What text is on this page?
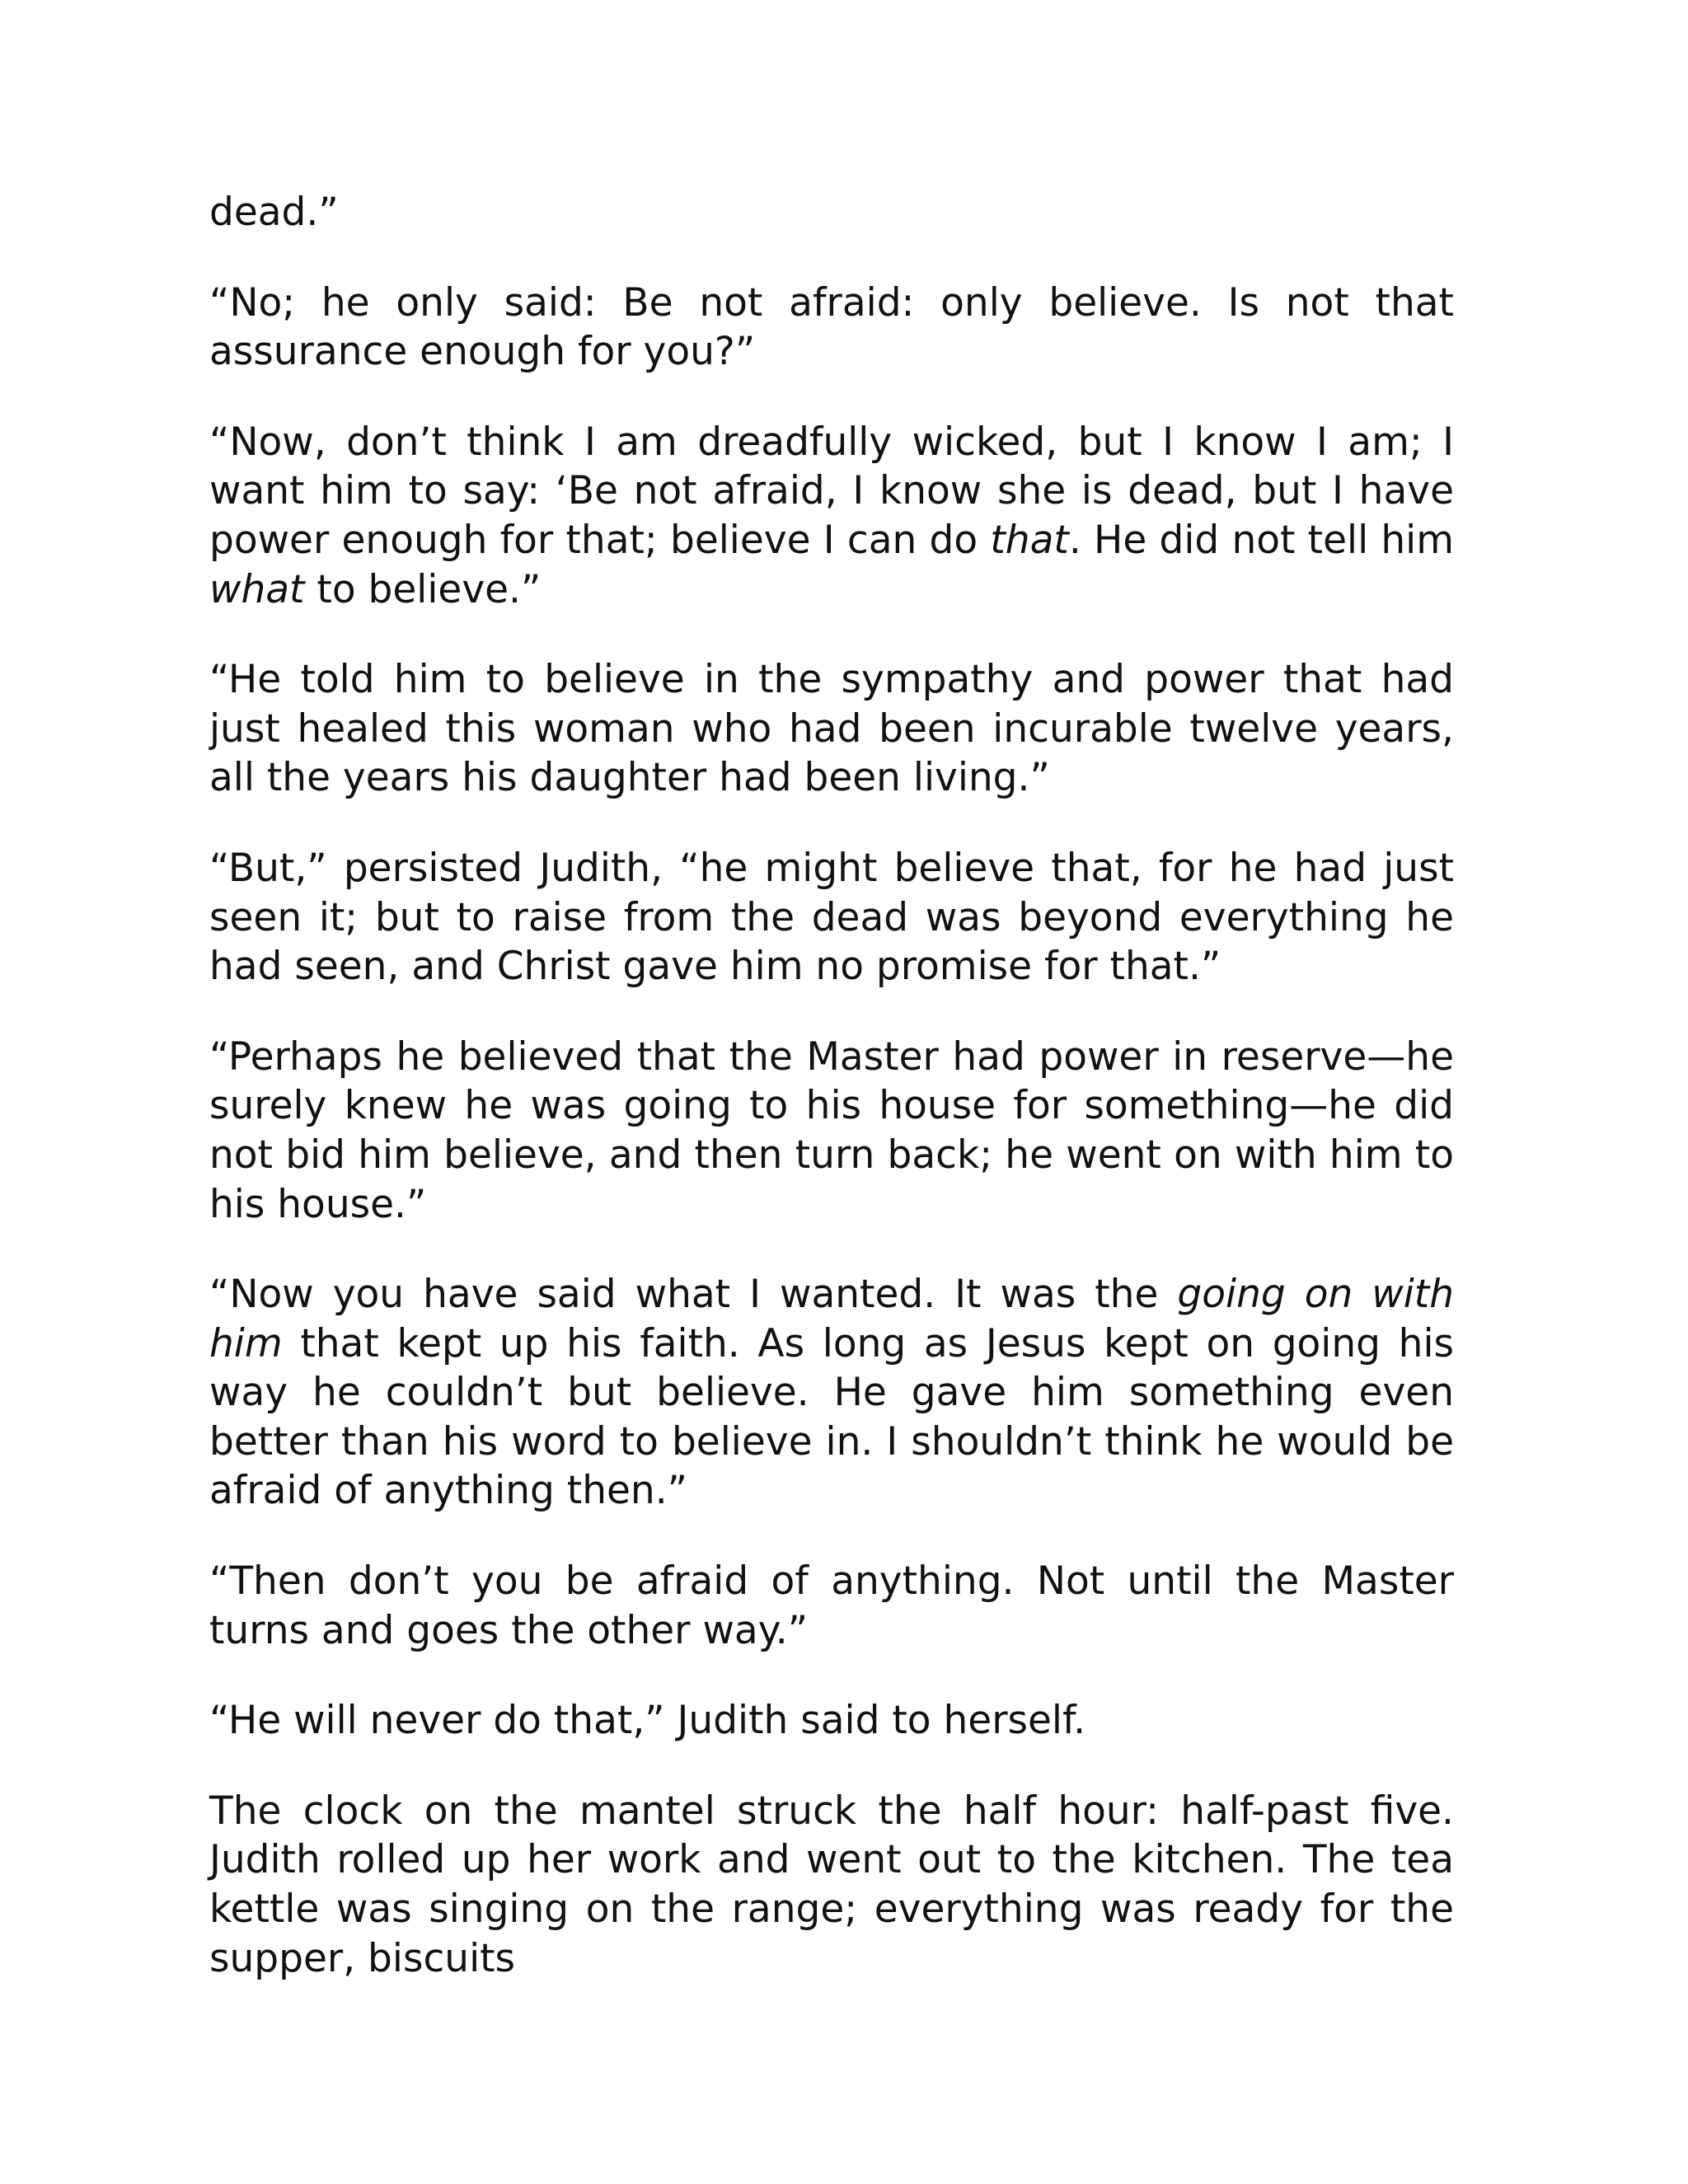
dead.”

“No; he only said: Be not afraid: only believe. Is not that assurance enough for you?”

“Now, don’t think I am dreadfully wicked, but I know I am; I want him to say: ‘Be not afraid, I know she is dead, but I have power enough for that; believe I can do that. He did not tell him what to believe.”

“He told him to believe in the sympathy and power that had just healed this woman who had been incurable twelve years, all the years his daughter had been living.”

“But,” persisted Judith, “he might believe that, for he had just seen it; but to raise from the dead was beyond everything he had seen, and Christ gave him no promise for that.”

“Perhaps he believed that the Master had power in reserve—he surely knew he was going to his house for something—he did not bid him believe, and then turn back; he went on with him to his house.”

“Now you have said what I wanted. It was the going on with him that kept up his faith. As long as Jesus kept on going his way he couldn’t but believe. He gave him something even better than his word to believe in. I shouldn’t think he would be afraid of anything then.”

“Then don’t you be afraid of anything. Not until the Master turns and goes the other way.”

“He will never do that,” Judith said to herself.

The clock on the mantel struck the half hour: half-past five. Judith rolled up her work and went out to the kitchen. The tea kettle was singing on the range; everything was ready for the supper, biscuits
